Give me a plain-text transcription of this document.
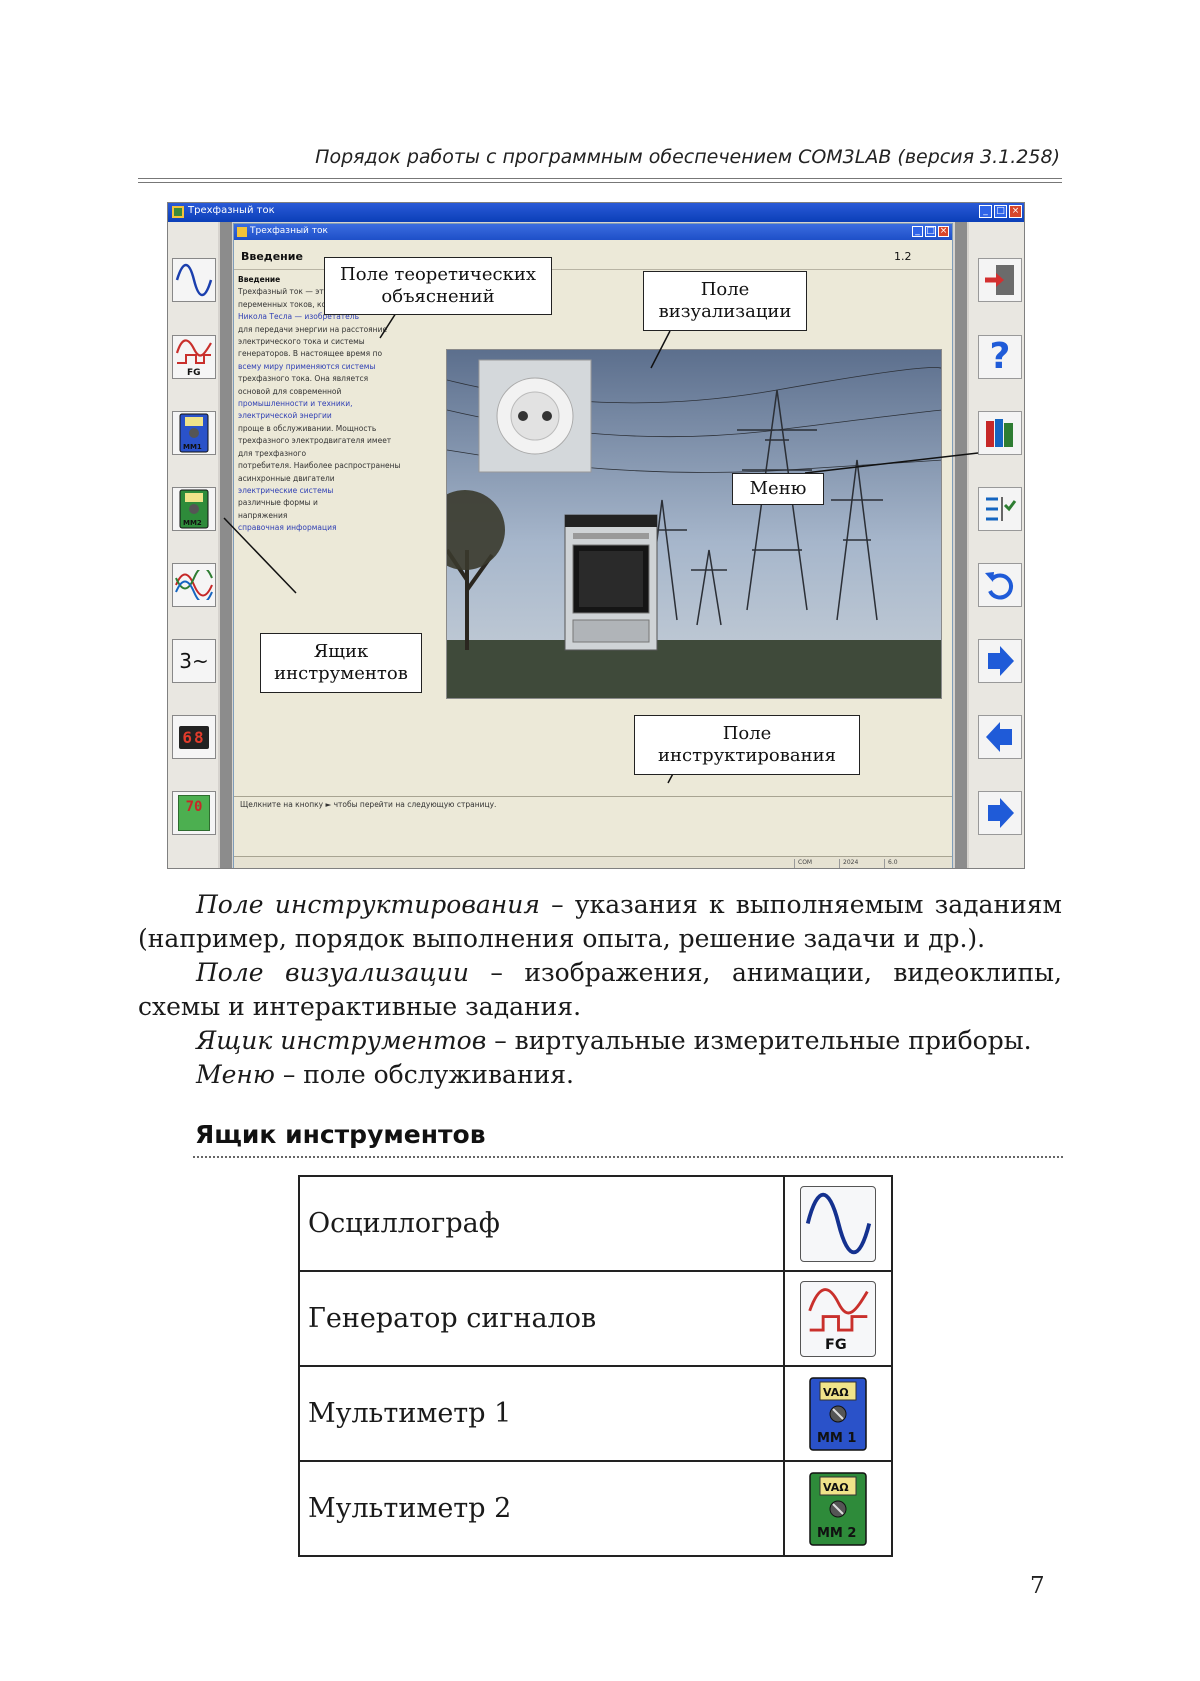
Порядок работы с программным обеспечением COM3LAB (версия 3.1.258)
Трехфазный ток	_ □ ×
FG
MM1
MM2
3~
68
70
?
Трехфазный ток	_ □ ×
Введение	1.2
Введение
Трехфазный ток — это система
переменных токов, которые
Никола Тесла — изобретатель
для передачи энергии на расстояние
электрического тока и системы
генераторов. В настоящее время по
всему миру применяются системы
трехфазного тока. Она является
основой для современной
промышленности и техники,
электрической энергии
проще в обслуживании. Мощность
трехфазного электродвигателя имеет
для трехфазного
потребителя. Наиболее распространены
асинхронные двигатели
электрические системы
различные формы и
напряжения
справочная информация
Щелкните на кнопку ► чтобы перейти на следующую страницу.
COM	2024	6.0
Поле теоретических объяснений	Поле визуализации
Меню
Ящик инструментов
Поле инструктирования
Поле инструктирования – указания к выполняемым заданиям
(например, порядок выполнения опыта, решение задачи и др.).
Поле визуализации – изображения, анимации, видеоклипы,
схемы и интерактивные задания.
Ящик инструментов – виртуальные измерительные приборы.
Меню – поле обслуживания.
Ящик инструментов
Осциллограф	

Генератор сигналов	
FG

Мультиметр 1	
VAΩ
MM 1

Мультиметр 2	
VAΩ
MM 2
7
